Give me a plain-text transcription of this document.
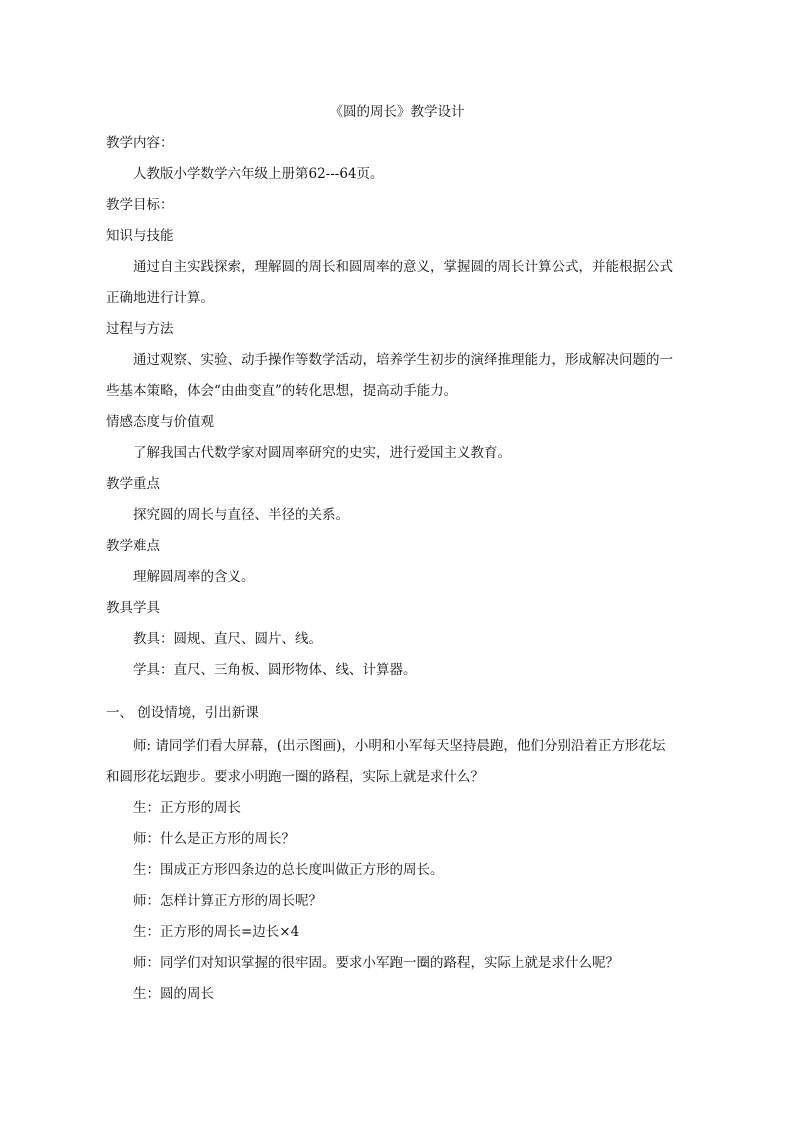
《圆的周长》教学设计
教学内容：
人教版小学数学六年级上册第62---64页。
教学目标：
知识与技能
通过自主实践探索，理解圆的周长和圆周率的意义，掌握圆的周长计算公式，并能根据公式
正确地进行计算。
过程与方法
通过观察、实验、动手操作等数学活动，培养学生初步的演绎推理能力，形成解决问题的一
些基本策略，体会“由曲变直”的转化思想，提高动手能力。
情感态度与价值观
了解我国古代数学家对圆周率研究的史实，进行爱国主义教育。
教学重点
探究圆的周长与直径、半径的关系。
教学难点
理解圆周率的含义。
教具学具
教具：圆规、直尺、圆片、线。
学具：直尺、三角板、圆形物体、线、计算器。
一、 创设情境，引出新课
师: 请同学们看大屏幕，(出示图画)，小明和小军每天坚持晨跑，他们分别沿着正方形花坛
和圆形花坛跑步。要求小明跑一圈的路程，实际上就是求什么？
生：正方形的周长
师：什么是正方形的周长？
生：围成正方形四条边的总长度叫做正方形的周长。
师：怎样计算正方形的周长呢？
生：正方形的周长=边长×4
师：同学们对知识掌握的很牢固。要求小军跑一圈的路程，实际上就是求什么呢？
生：圆的周长
